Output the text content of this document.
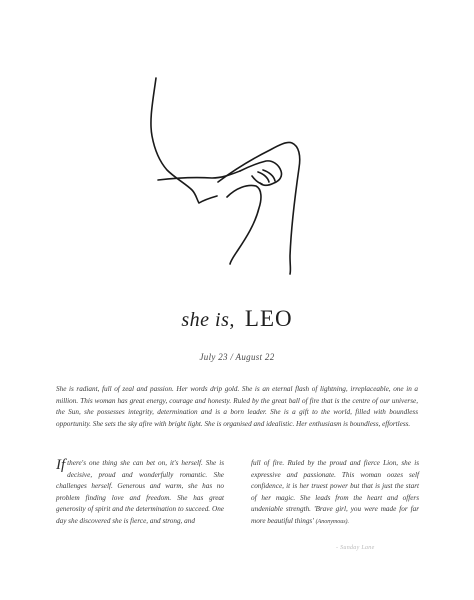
she is, LEO
July 23 / August 22
She is radiant, full of zeal and passion. Her words drip gold. She is an eternal flash of lightning, irreplaceable, one in a million. This woman has great energy, courage and honesty. Ruled by the great ball of fire that is the centre of our universe, the Sun, she possesses integrity, determination and is a born leader. She is a gift to the world, filled with boundless opportunity. She sets the sky afire with bright light. She is organised and idealistic. Her enthusiasm is boundless, effortless.
If there's one thing she can bet on, it's herself. She is decisive, proud and wonderfully romantic. She challenges herself. Generous and warm, she has no problem finding love and freedom. She has great generosity of spirit and the determination to succeed. One day she discovered she is fierce, and strong, and
full of fire. Ruled by the proud and fierce Lion, she is expressive and passionate. This woman oozes self confidence, it is her truest power but that is just the start of her magic. She leads from the heart and offers undeniable strength. 'Brave girl, you were made for far more beautiful things' (Anonymous).
- Sunday Lane
